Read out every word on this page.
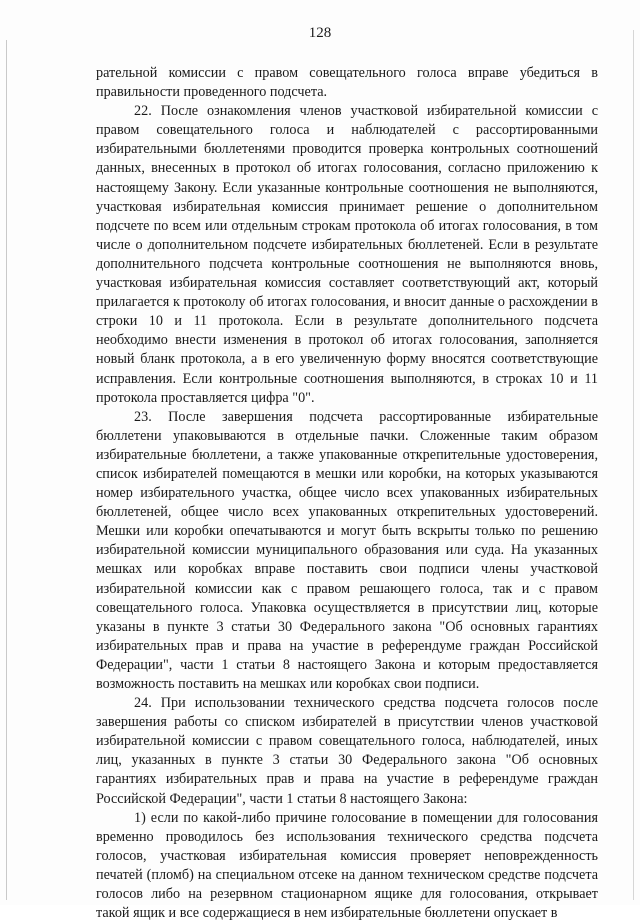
128

рательной комиссии с правом совещательного голоса вправе убедиться в правильности проведенного подсчета.

22. После ознакомления членов участковой избирательной комиссии с правом совещательного голоса и наблюдателей с рассортированными избирательными бюллетенями проводится проверка контрольных соотношений данных, внесенных в протокол об итогах голосования, согласно приложению к настоящему Закону. Если указанные контрольные соотношения не выполняются, участковая избирательная комиссия принимает решение о дополнительном подсчете по всем или отдельным строкам протокола об итогах голосования, в том числе о дополнительном подсчете избирательных бюллетеней. Если в результате дополнительного подсчета контрольные соотношения не выполняются вновь, участковая избирательная комиссия составляет соответствующий акт, который прилагается к протоколу об итогах голосования, и вносит данные о расхождении в строки 10 и 11 протокола. Если в результате дополнительного подсчета необходимо внести изменения в протокол об итогах голосования, заполняется новый бланк протокола, а в его увеличенную форму вносятся соответствующие исправления. Если контрольные соотношения выполняются, в строках 10 и 11 протокола проставляется цифра "0".

23. После завершения подсчета рассортированные избирательные бюллетени упаковываются в отдельные пачки. Сложенные таким образом избирательные бюллетени, а также упакованные открепительные удостоверения, список избирателей помещаются в мешки или коробки, на которых указываются номер избирательного участка, общее число всех упакованных избирательных бюллетеней, общее число всех упакованных открепительных удостоверений. Мешки или коробки опечатываются и могут быть вскрыты только по решению избирательной комиссии муниципального образования или суда. На указанных мешках или коробках вправе поставить свои подписи члены участковой избирательной комиссии как с правом решающего голоса, так и с правом совещательного голоса. Упаковка осуществляется в присутствии лиц, которые указаны в пункте 3 статьи 30 Федерального закона "Об основных гарантиях избирательных прав и права на участие в референдуме граждан Российской Федерации", части 1 статьи 8 настоящего Закона и которым предоставляется возможность поставить на мешках или коробках свои подписи.

24. При использовании технического средства подсчета голосов после завершения работы со списком избирателей в присутствии членов участковой избирательной комиссии с правом совещательного голоса, наблюдателей, иных лиц, указанных в пункте 3 статьи 30 Федерального закона "Об основных гарантиях избирательных прав и права на участие в референдуме граждан Российской Федерации", части 1 статьи 8 настоящего Закона:

1) если по какой-либо причине голосование в помещении для голосования временно проводилось без использования технического средства подсчета голосов, участковая избирательная комиссия проверяет неповрежденность печатей (пломб) на специальном отсеке на данном техническом средстве подсчета голосов либо на резервном стационарном ящике для голосования, открывает такой ящик и все содержащиеся в нем избирательные бюллетени опускает в
